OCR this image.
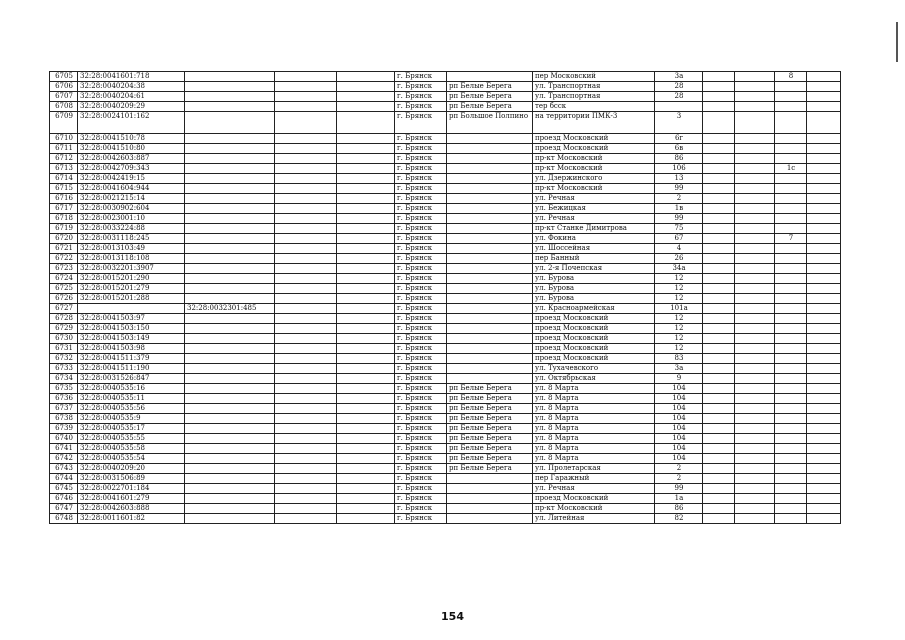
6705	32:28:0041601:718				г. Брянск		пер Московский	3а			8	
6706	32:28:0040204:38				г. Брянск	рп Белые Берега	ул. Транспортная	28				
6707	32:28:0040204:61				г. Брянск	рп Белые Берега	ул. Транспортная	28				
6708	32:28:0040209:29				г. Брянск	рп Белые Берега	тер бсск					
6709	32:28:0024101:162				г. Брянск	рп Большое Полпино	на территории ПМК-3	3				
6710	32:28:0041510:78				г. Брянск		проезд Московский	6г				
6711	32:28:0041510:80				г. Брянск		проезд Московский	6в				
6712	32:28:0042603:887				г. Брянск		пр-кт Московский	86				
6713	32:28:0042709:343				г. Брянск		пр-кт Московский	106			1с	
6714	32:28:0042419:15				г. Брянск		ул. Дзержинского	13				
6715	32:28:0041604:944				г. Брянск		пр-кт Московский	99				
6716	32:28:0021215:14				г. Брянск		ул. Речная	2				
6717	32:28:0030902:604				г. Брянск		ул. Бежицкая	1в				
6718	32:28:0023001:10				г. Брянск		ул. Речная	99				
6719	32:28:0033224:88				г. Брянск		пр-кт Станке Димитрова	75				
6720	32:28:0031118:245				г. Брянск		ул. Фокина	67			7	
6721	32:28:0013103:49				г. Брянск		ул. Шоссейная	4				
6722	32:28:0013118:108				г. Брянск		пер Банный	26				
6723	32:28:0032201:3907				г. Брянск		ул. 2-я Почепская	34а				
6724	32:28:0015201:290				г. Брянск		ул. Бурова	12				
6725	32:28:0015201:279				г. Брянск		ул. Бурова	12				
6726	32:28:0015201:288				г. Брянск		ул. Бурова	12				
6727		32:28:0032301:485			г. Брянск		ул. Красноармейская	101а				
6728	32:28:0041503:97				г. Брянск		проезд Московский	12				
6729	32:28:0041503:150				г. Брянск		проезд Московский	12				
6730	32:28:0041503:149				г. Брянск		проезд Московский	12				
6731	32:28:0041503:98				г. Брянск		проезд Московский	12				
6732	32:28:0041511:379				г. Брянск		проезд Московский	83				
6733	32:28:0041511:190				г. Брянск		ул. Тухачевского	3а				
6734	32:28:0031526:847				г. Брянск		ул. Октябрьская	9				
6735	32:28:0040535:16				г. Брянск	рп Белые Берега	ул. 8 Марта	104				
6736	32:28:0040535:11				г. Брянск	рп Белые Берега	ул. 8 Марта	104				
6737	32:28:0040535:56				г. Брянск	рп Белые Берега	ул. 8 Марта	104				
6738	32:28:0040535:9				г. Брянск	рп Белые Берега	ул. 8 Марта	104				
6739	32:28:0040535:17				г. Брянск	рп Белые Берега	ул. 8 Марта	104				
6740	32:28:0040535:55				г. Брянск	рп Белые Берега	ул. 8 Марта	104				
6741	32:28:0040535:58				г. Брянск	рп Белые Берега	ул. 8 Марта	104				
6742	32:28:0040535:54				г. Брянск	рп Белые Берега	ул. 8 Марта	104				
6743	32:28:0040209:20				г. Брянск	рп Белые Берега	ул. Пролетарская	2				
6744	32:28:0031506:89				г. Брянск		пер Гаражный	2				
6745	32:28:0022701:184				г. Брянск		ул. Речная	99				
6746	32:28:0041601:279				г. Брянск		проезд Московский	1а				
6747	32:28:0042603:888				г. Брянск		пр-кт Московский	86				
6748	32:28:0011601:82				г. Брянск		ул. Литейная	82				
154
